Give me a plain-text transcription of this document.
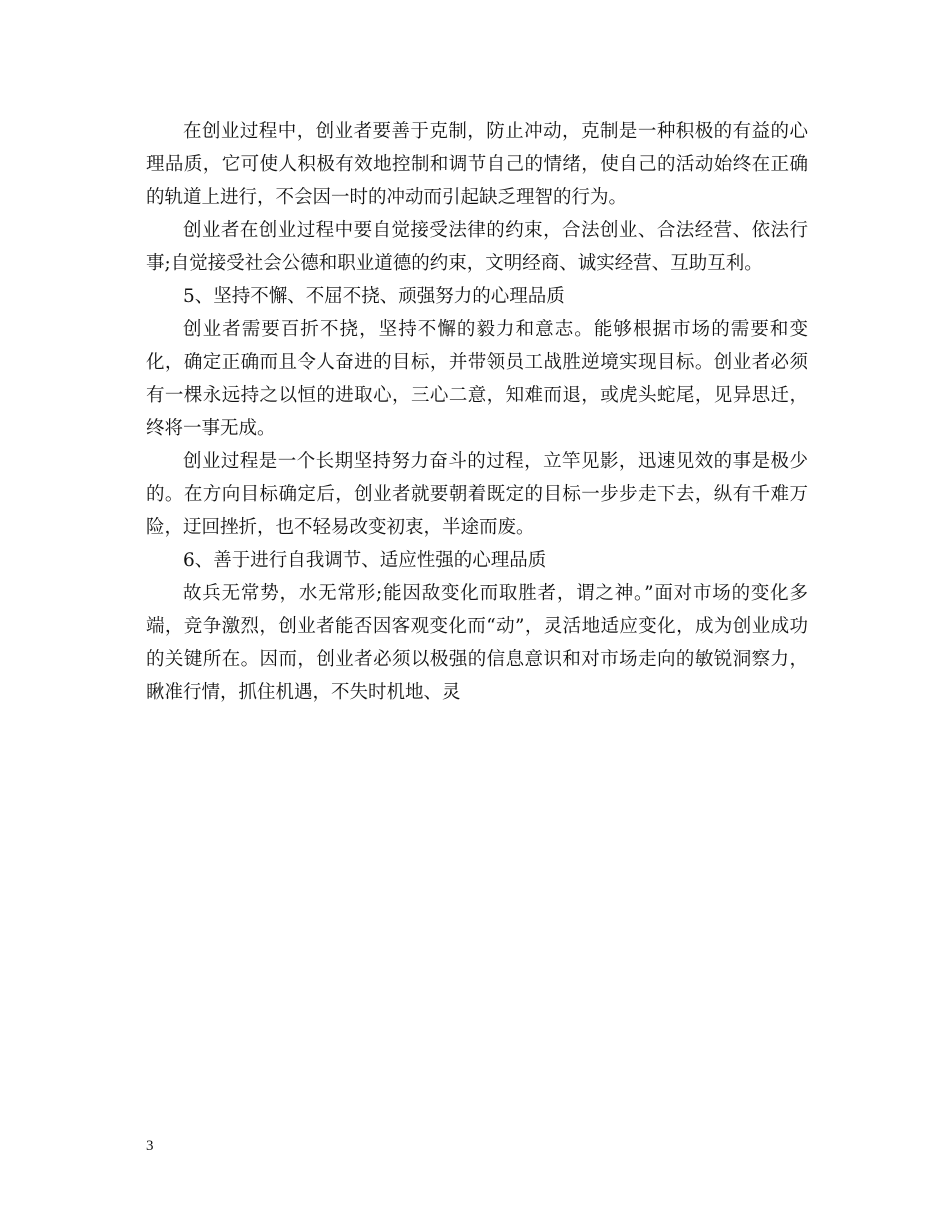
在创业过程中，创业者要善于克制，防止冲动，克制是一种积极的有益的心理品质，它可使人积极有效地控制和调节自己的情绪，使自己的活动始终在正确的轨道上进行，不会因一时的冲动而引起缺乏理智的行为。

创业者在创业过程中要自觉接受法律的约束，合法创业、合法经营、依法行事;自觉接受社会公德和职业道德的约束，文明经商、诚实经营、互助互利。

5、坚持不懈、不屈不挠、顽强努力的心理品质

创业者需要百折不挠，坚持不懈的毅力和意志。能够根据市场的需要和变化，确定正确而且令人奋进的目标，并带领员工战胜逆境实现目标。创业者必须有一棵永远持之以恒的进取心，三心二意，知难而退，或虎头蛇尾，见异思迁，终将一事无成。

创业过程是一个长期坚持努力奋斗的过程，立竿见影，迅速见效的事是极少的。在方向目标确定后，创业者就要朝着既定的目标一步步走下去，纵有千难万险，迂回挫折，也不轻易改变初衷，半途而废。

6、善于进行自我调节、适应性强的心理品质

故兵无常势，水无常形;能因敌变化而取胜者，谓之神。”面对市场的变化多端，竞争激烈，创业者能否因客观变化而“动”，灵活地适应变化，成为创业成功的关键所在。因而，创业者必须以极强的信息意识和对市场走向的敏锐洞察力，瞅准行情，抓住机遇，不失时机地、灵

3
